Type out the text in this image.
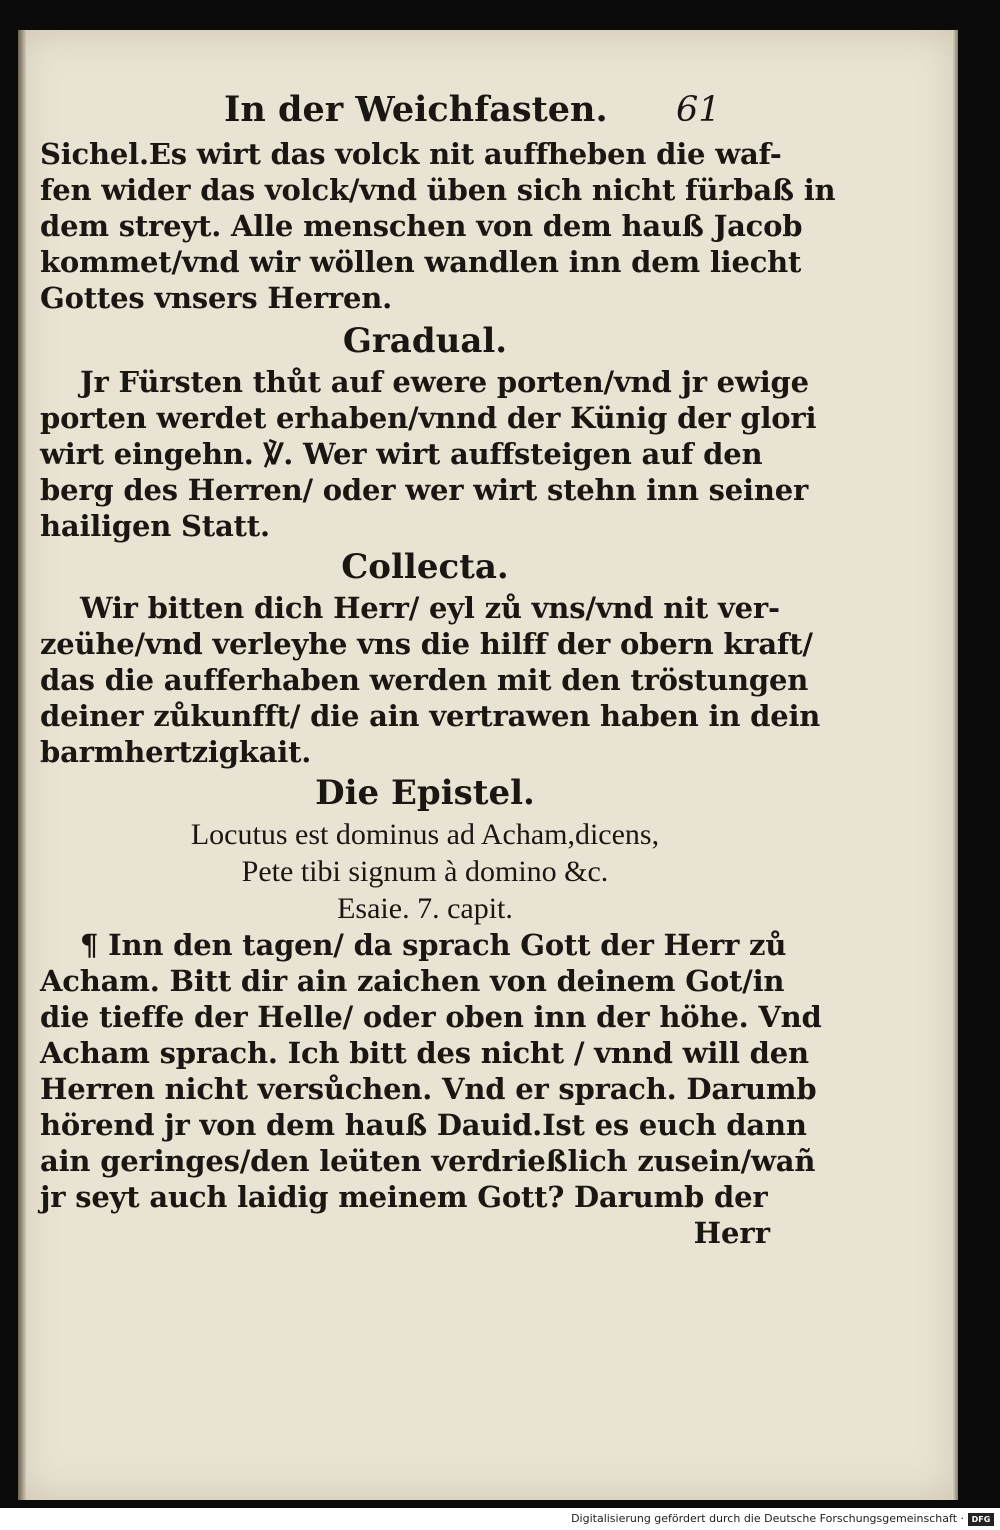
In der Weichfasten. 61
Sichel.Es wirt das volck nit auffheben die waf-
fen wider das volck/vnd üben sich nicht fürbaß in
dem streyt. Alle menschen von dem hauß Jacob
kommet/vnd wir wöllen wandlen inn dem liecht
Gottes vnsers Herren.
Gradual.
Jr Fürsten thůt auf ewere porten/vnd jr ewige
porten werdet erhaben/vnnd der Künig der glori
wirt eingehn. ℣. Wer wirt auffsteigen auf den
berg des Herren/ oder wer wirt stehn inn seiner
hailigen Statt.
Collecta.
Wir bitten dich Herr/ eyl zů vns/vnd nit ver-
zeühe/vnd verleyhe vns die hilff der obern kraft/
das die aufferhaben werden mit den tröstungen
deiner zůkunfft/ die ain vertrawen haben in dein
barmhertzigkait.
Die Epistel.
Locutus est dominus ad Acham,dicens,
Pete tibi signum à domino &c.
Esaie. 7. capit.
¶ Inn den tagen/ da sprach Gott der Herr zů
Acham. Bitt dir ain zaichen von deinem Got/in
die tieffe der Helle/ oder oben inn der höhe. Vnd
Acham sprach. Ich bitt des nicht / vnnd will den
Herren nicht versůchen. Vnd er sprach. Darumb
hörend jr von dem hauß Dauid.Ist es euch dann
ain geringes/den leüten verdrießlich zusein/wañ
jr seyt auch laidig meinem Gott? Darumb der
Herr
Digitalisierung gefördert durch die Deutsche Forschungsgemeinschaft · DFG
